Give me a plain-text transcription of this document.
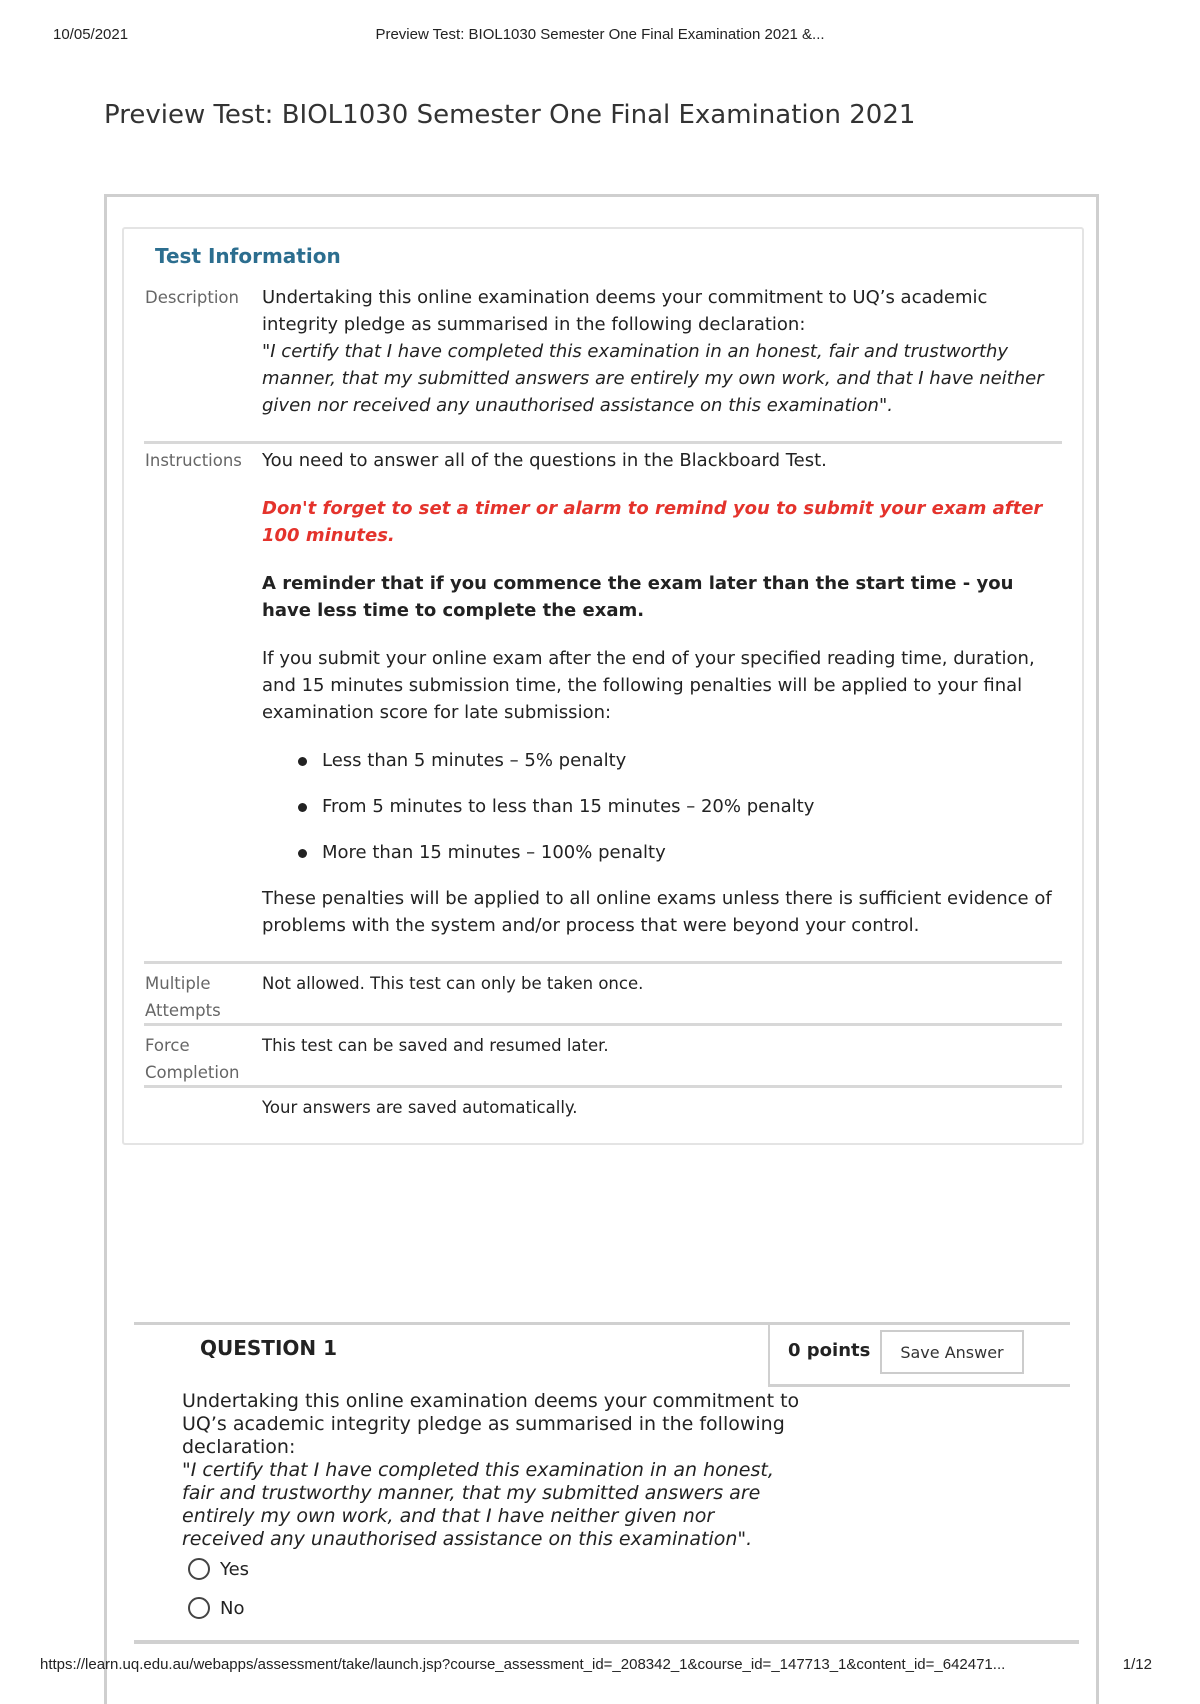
10/05/2021	Preview Test: BIOL1030 Semester One Final Examination 2021 &...
Preview Test: BIOL1030 Semester One Final Examination 2021
Test Information
Description Undertaking this online examination deems your commitment to UQ’s academic integrity pledge as summarised in the following declaration:

"I certify that I have completed this examination in an honest, fair and trustworthy manner, that my submitted answers are entirely my own work, and that I have neither given nor received any unauthorised assistance on this examination".

Instructions You need to answer all of the questions in the Blackboard Test.

Don't forget to set a timer or alarm to remind you to submit your exam after 100 minutes.

A reminder that if you commence the exam later than the start time - you have less time to complete the exam.

If you submit your online exam after the end of your specified reading time, duration, and 15 minutes submission time, the following penalties will be applied to your final examination score for late submission:

Less than 5 minutes – 5% penalty
From 5 minutes to less than 15 minutes – 20% penalty
More than 15 minutes – 100% penalty

These penalties will be applied to all online exams unless there is sufficient evidence of problems with the system and/or process that were beyond your control.

Multiple Attempts
Not allowed. This test can only be taken once.
Force Completion
This test can be saved and resumed later.
Your answers are saved automatically.
QUESTION 1	0 points	Save Answer

Undertaking this online examination deems your commitment to UQ’s academic integrity pledge as summarised in the following declaration:

"I certify that I have completed this examination in an honest, fair and trustworthy manner, that my submitted answers are entirely my own work, and that I have neither given nor received any unauthorised assistance on this examination".

Yes
No
https://learn.uq.edu.au/webapps/assessment/take/launch.jsp?course_assessment_id=_208342_1&course_id=_147713_1&content_id=_642471...	1/12
